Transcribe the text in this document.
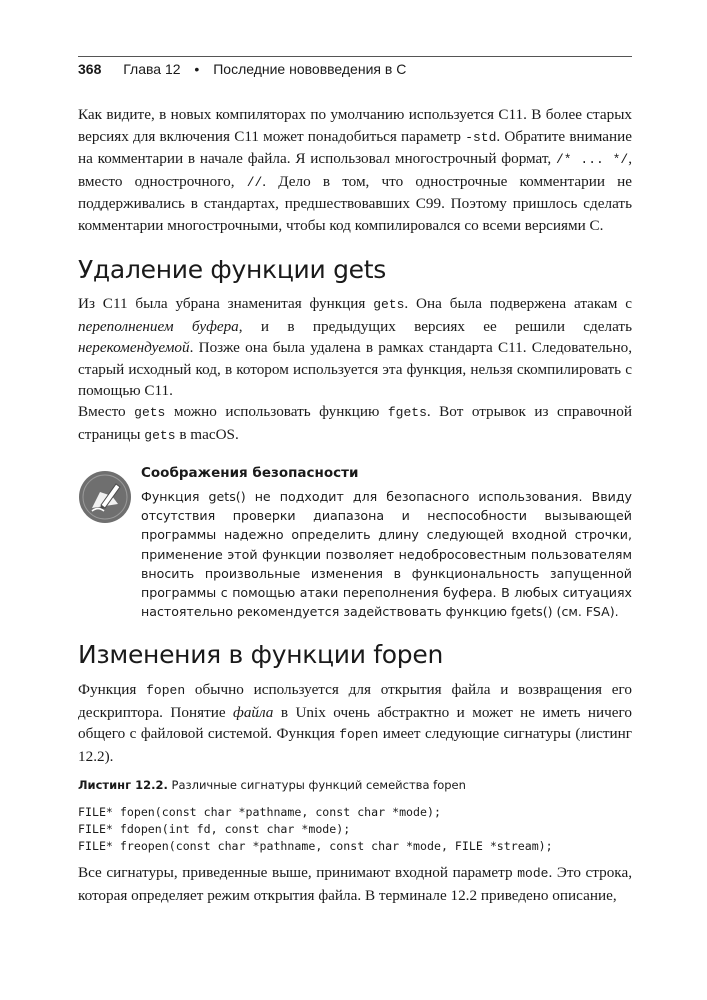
368 Глава 12 • Последние нововведения в С

Как видите, в новых компиляторах по умолчанию используется C11. В более старых версиях для включения C11 может понадобиться параметр -std. Обратите внимание на комментарии в начале файла. Я использовал многострочный формат, /* ... */, вместо однострочного, //. Дело в том, что однострочные комментарии не поддерживались в стандартах, предшествовавших C99. Поэтому пришлось сделать комментарии многострочными, чтобы код компилировался со всеми версиями С.

Удаление функции gets

Из C11 была убрана знаменитая функция gets. Она была подвержена атакам с переполнением буфера, и в предыдущих версиях ее решили сделать нерекомендуемой. Позже она была удалена в рамках стандарта C11. Следовательно, старый исходный код, в котором используется эта функция, нельзя скомпилировать с помощью C11.

Вместо gets можно использовать функцию fgets. Вот отрывок из справочной страницы gets в macOS.

Соображения безопасности

Функция gets() не подходит для безопасного использования. Ввиду отсутствия проверки диапазона и неспособности вызывающей программы надежно определить длину следующей входной строчки, применение этой функции позволяет недобросовестным пользователям вносить произвольные изменения в функциональность запущенной программы с помощью атаки переполнения буфера. В любых ситуациях настоятельно рекомендуется задействовать функцию fgets() (см. FSA).

Изменения в функции fopen

Функция fopen обычно используется для открытия файла и возвращения его дескриптора. Понятие файла в Unix очень абстрактно и может не иметь ничего общего с файловой системой. Функция fopen имеет следующие сигнатуры (листинг 12.2).

Листинг 12.2. Различные сигнатуры функций семейства fopen

FILE* fopen(const char *pathname, const char *mode);
FILE* fdopen(int fd, const char *mode);
FILE* freopen(const char *pathname, const char *mode, FILE *stream);

Все сигнатуры, приведенные выше, принимают входной параметр mode. Это строка, которая определяет режим открытия файла. В терминале 12.2 приведено описание,
